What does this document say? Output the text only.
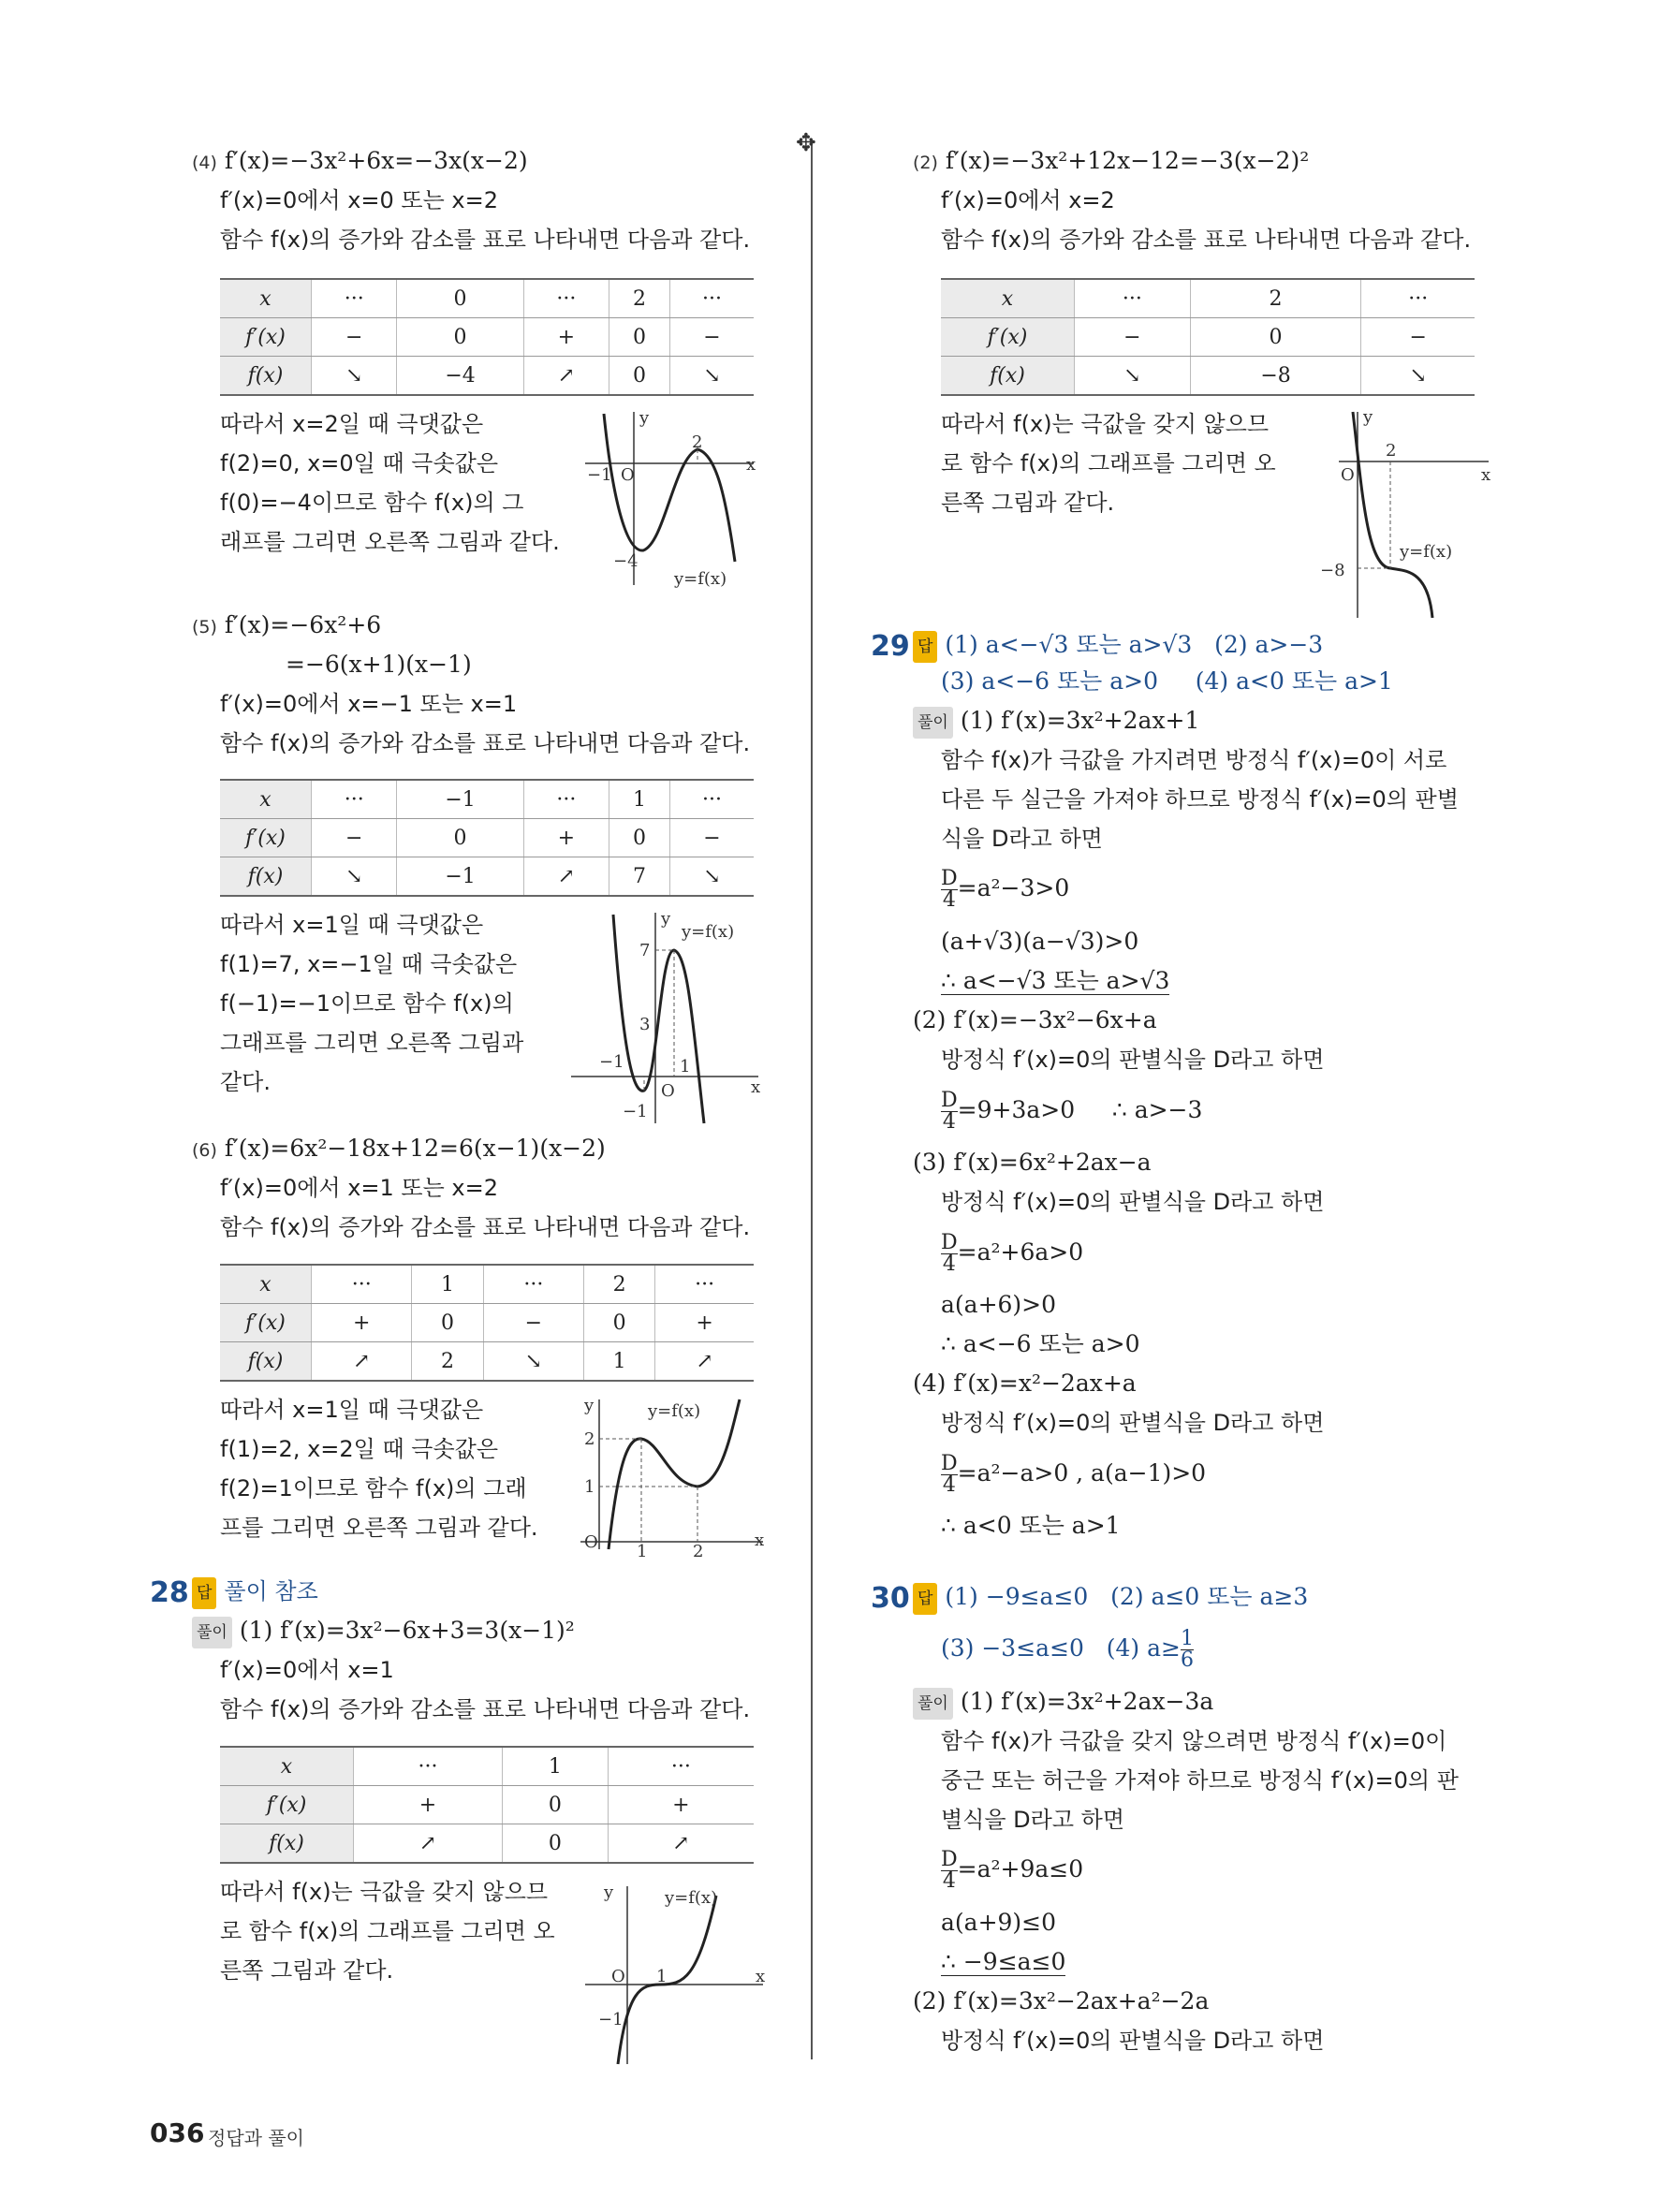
✥
(4) f′(x)=−3x²+6x=−3x(x−2)
f′(x)=0에서 x=0 또는 x=2
함수 f(x)의 증가와 감소를 표로 나타내면 다음과 같다.
x	···	0	···	2	···
f′(x)	−	0	+	0	−
f(x)	↘	−4	↗	0	↘
따라서 x=2일 때 극댓값은
f(2)=0, x=0일 때 극솟값은
f(0)=−4이므로 함수 f(x)의 그
래프를 그리면 오른쪽 그림과 같다.
y
x
O
−1
2
−4
y=f(x)
(5) f′(x)=−6x²+6
=−6(x+1)(x−1)
f′(x)=0에서 x=−1 또는 x=1
함수 f(x)의 증가와 감소를 표로 나타내면 다음과 같다.
x	···	−1	···	1	···
f′(x)	−	0	+	0	−
f(x)	↘	−1	↗	7	↘
따라서 x=1일 때 극댓값은
f(1)=7, x=−1일 때 극솟값은
f(−1)=−1이므로 함수 f(x)의
그래프를 그리면 오른쪽 그림과
같다.
y
x
O
7
3
−1	1
−1
y=f(x)
(6) f′(x)=6x²−18x+12=6(x−1)(x−2)
f′(x)=0에서 x=1 또는 x=2
함수 f(x)의 증가와 감소를 표로 나타내면 다음과 같다.
x	···	1	···	2	···
f′(x)	+	0	−	0	+
f(x)	↗	2	↘	1	↗
따라서 x=1일 때 극댓값은
f(1)=2, x=2일 때 극솟값은
f(2)=1이므로 함수 f(x)의 그래
프를 그리면 오른쪽 그림과 같다.
y
x
O
2
1
1	2
y=f(x)
28 답 풀이 참조
풀이 (1) f′(x)=3x²−6x+3=3(x−1)²
f′(x)=0에서 x=1
함수 f(x)의 증가와 감소를 표로 나타내면 다음과 같다.
x	···	1	···
f′(x)	+	0	+
f(x)	↗	0	↗
따라서 f(x)는 극값을 갖지 않으므
로 함수 f(x)의 그래프를 그리면 오
른쪽 그림과 같다.
y
x
O 1
−1
y=f(x)
(2) f′(x)=−3x²+12x−12=−3(x−2)²
f′(x)=0에서 x=2
함수 f(x)의 증가와 감소를 표로 나타내면 다음과 같다.
x	···	2	···
f′(x)	−	0	−
f(x)	↘	−8	↘
따라서 f(x)는 극값을 갖지 않으므
로 함수 f(x)의 그래프를 그리면 오
른쪽 그림과 같다.
y
x
O
2
−8
y=f(x)
29 답 (1) a<−√3 또는 a>√3 (2) a>−3
(3) a<−6 또는 a>0 (4) a<0 또는 a>1
풀이 (1) f′(x)=3x²+2ax+1
함수 f(x)가 극값을 가지려면 방정식 f′(x)=0이 서로
다른 두 실근을 가져야 하므로 방정식 f′(x)=0의 판별
식을 D라고 하면
$\frac{D}{4} =a^2-3>0$
(a+√3)(a−√3)>0
∴ a<−√3 또는 a>√3
(2) f′(x)=−3x²−6x+a
방정식 f′(x)=0의 판별식을 D라고 하면
$\frac{D}{4} =9+3a>0$ ∴ a>−3
(3) f′(x)=6x²+2ax−a
방정식 f′(x)=0의 판별식을 D라고 하면
$\frac{D}{4} =a^2+6a>0$
a(a+6)>0
∴ a<−6 또는 a>0
(4) f′(x)=x²−2ax+a
방정식 f′(x)=0의 판별식을 D라고 하면
$\frac{D}{4} =a^2-a>0$ , a(a−1)>0
∴ a<0 또는 a>1
30 답 (1) −9≤a≤0 (2) a≤0 또는 a≥3
(3) −3≤a≤0 (4) $a\ge \frac{1}{6}$
풀이 (1) f′(x)=3x²+2ax−3a
함수 f(x)가 극값을 갖지 않으려면 방정식 f′(x)=0이
중근 또는 허근을 가져야 하므로 방정식 f′(x)=0의 판
별식을 D라고 하면
$\frac{D}{4} =a^2+9a\le 0$
a(a+9)≤0
∴ −9≤a≤0
(2) f′(x)=3x²−2ax+a²−2a
방정식 f′(x)=0의 판별식을 D라고 하면
036 정답과 풀이
